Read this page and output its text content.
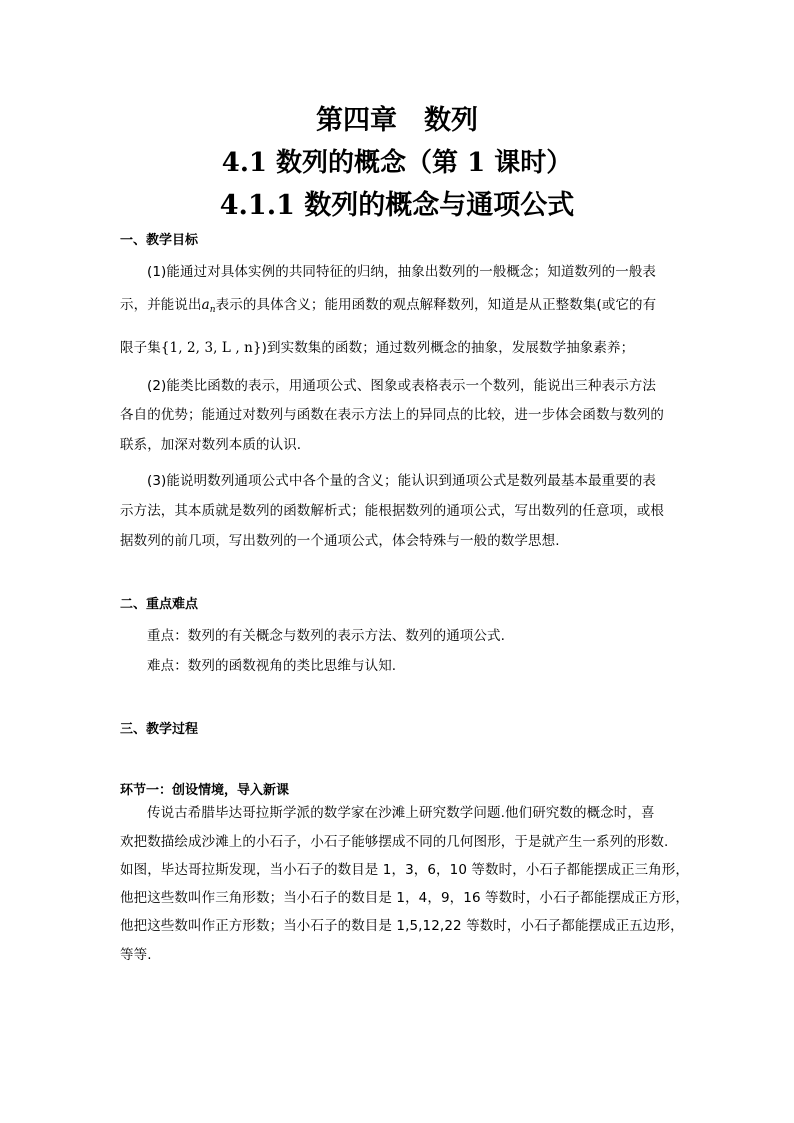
第四章　数列
4.1 数列的概念（第 1 课时）
4.1.1 数列的概念与通项公式
一、教学目标
(1)能通过对具体实例的共同特征的归纳，抽象出数列的一般概念；知道数列的一般表
示，并能说出$a_n$表示的具体含义；能用函数的观点解释数列，知道是从正整数集(或它的有
限子集{1, 2, 3, L , n})到实数集的函数；通过数列概念的抽象，发展数学抽象素养；
(2)能类比函数的表示，用通项公式、图象或表格表示一个数列，能说出三种表示方法
各自的优势；能通过对数列与函数在表示方法上的异同点的比较，进一步体会函数与数列的
联系，加深对数列本质的认识.
(3)能说明数列通项公式中各个量的含义；能认识到通项公式是数列最基本最重要的表
示方法，其本质就是数列的函数解析式；能根据数列的通项公式，写出数列的任意项，或根
据数列的前几项，写出数列的一个通项公式，体会特殊与一般的数学思想.
二、重点难点
重点：数列的有关概念与数列的表示方法、数列的通项公式.
难点：数列的函数视角的类比思维与认知.
三、教学过程
环节一：创设情境，导入新课
传说古希腊毕达哥拉斯学派的数学家在沙滩上研究数学问题.他们研究数的概念时，喜
欢把数描绘成沙滩上的小石子，小石子能够摆成不同的几何图形，于是就产生一系列的形数.
如图，毕达哥拉斯发现，当小石子的数目是 1，3，6，10 等数时，小石子都能摆成正三角形，
他把这些数叫作三角形数；当小石子的数目是 1，4，9，16 等数时，小石子都能摆成正方形，
他把这些数叫作正方形数；当小石子的数目是 1,5,12,22 等数时，小石子都能摆成正五边形，
等等.
